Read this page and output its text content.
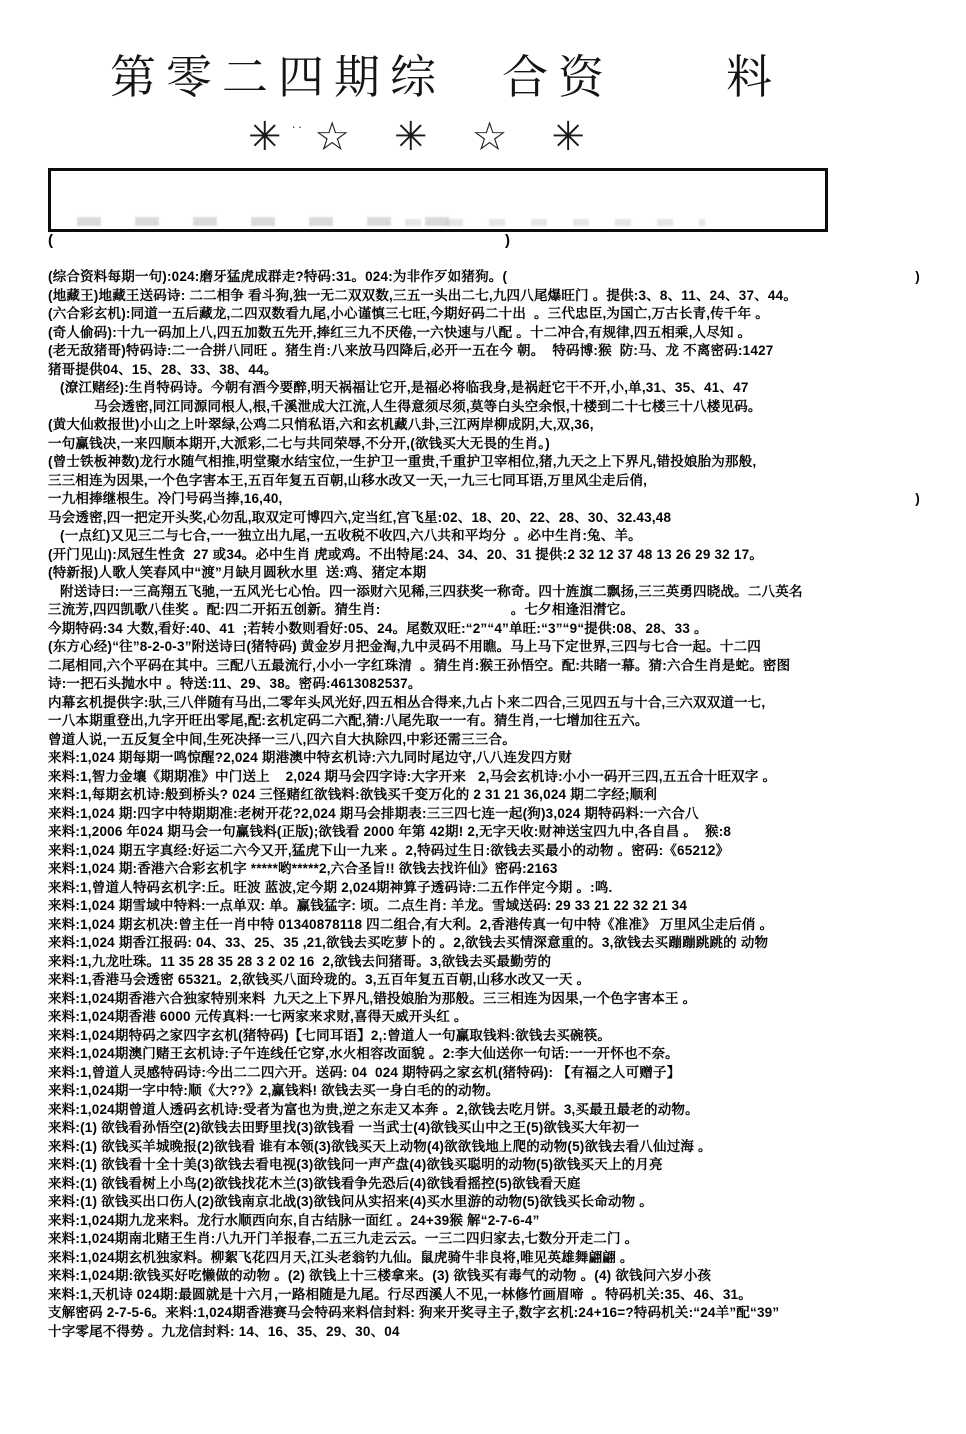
第零二四期综　合资　　料
✳ ·· ☆ ✳ ☆ ✳
(	)
(综合资料每期一句):024:磨牙猛虎成群走?特码:31。024:为非作歹如猪狗。(	)
(地藏王)地藏王送码诗: 二二相争 看斗狗,独一无二双双数,三五一头出二七,九四八尾爆旺门 。提供:3、8、11、24、37、44。
(六合彩玄机):同道一五后藏龙,二四双数看九尾,小心谨慎三七旺,今期好码二十出  。三代忠臣,为国亡,万古长青,传千年 。
(奇人偷码):十九一码加上八,四五加数五先开,捧红三九不厌倦,一六快速与八配 。十二冲合,有规律,四五相乘,人尽知 。
(老无敌猪哥)特码诗:二一合拼八同旺 。猪生肖:八来放马四降后,必开一五在今 朝。  特码博:猴  防:马、龙 不离密码:1427
猪哥提供04、15、28、33、38、44。
(潦江赌经):生肖特码诗。今朝有酒今要醉,明天祸福让它开,是福必将临我身,是祸赶它干不开,小,单,31、35、41、47
马会透密,同江同源同根人,根,千溪泄成大江流,人生得意须尽须,莫等白头空余恨,十楼到二十七楼三十八楼见码。
(黄大仙救报世)小山之上叶翠绿,公鸡二只悄私语,六和玄机藏八卦,三江两岸柳成阴,大,双,36,
一句赢钱决,一来四顺本期开,大派彩,二七与共同荣辱,不分开,(欲钱买大无畏的生肖。)
(曾士铁板神数)龙行水随气相推,明堂聚水结宝位,一生护卫一重贵,千重护卫宰相位,猪,九天之上下界凡,错投娘胎为那般,
三三相连为因果,一个色字害本王,五百年复五百朝,山移水改又一天,一九三七同耳语,万里风尘走后俏,
一九相捧继根生。冷门号码当捧,16,40,	)
马会透密,四一把定开头奖,心勿乱,取双定可博四六,定当红,宫飞星:02、18、20、22、28、30、32.43,48
(一点红)又见三二与七合,一一独立出九尾,一五收税不收四,六八共和平均分  。必中生肖:兔、羊。
(开门见山):凤冠生性贪  27 或34。必中生肖 虎或鸡。不出特尾:24、34、20、31 提供:2 32 12 37 48 13 26 29 32 17。
(特新报)人歌人笑春风中“渡”月缺月圆秋水里  送:鸡、猪定本期
附送诗曰:一三高翔五飞驰,一五风光七心怡。四一添财六见稀,三四获奖一称奇。四十旌旗二飘扬,三三英勇四晓战。二八英名
三流芳,四四凯歌八佳奖 。配:四二开拓五创新。猜生肖:                                 。七夕相逢泪潸它。
今期特码:34 大数,看好:40、41  ;若转小数则看好:05、24。尾数双旺:“2”“4”单旺:“3”“9“提供:08、28、33 。
(东方心经)“往”8-2-0-3”附送诗曰(猪特码) 黄金岁月把金淘,九中灵码不用瞧。马上马下定世界,三四与七合一起。十二四
二尾相同,六个平码在其中。三配八五最流行,小小一字红珠清  。猜生肖:猴王孙悟空。配:共睹一幕。猜:六合生肖是蛇。密图
诗:一把石头抛水中 。特送:11、29、38。密码:4613082537。
内幕玄机提供字:驮,三八伴随有马出,二零年头风光好,四五相丛合得来,九占卜来二四合,三见四五与十合,三六双双道一七,
一八本期重登出,九字开旺出零尾,配:玄机定码二六配,猜:八尾先取一一有。猜生肖,一七增加往五六。
曾道人说,一五反复全中间,生死决择一三八,四六自大执除四,中彩还需三三合。
来料:1,024 期每期一鸣惊醒?2,024 期港澳中特玄机诗:六九同时尾边守,八八连发四方财
来料:1,智力金壤《期期准》中门送上    2,024 期马会四字诗:大字开来   2,马会玄机诗:小小一码开三四,五五合十旺双字 。
来料:1,每期玄机诗:般到桥头? 024 三怪赌红欲钱料:欲钱买千变万化的 2 31 21 36,024 期二字经;顺利
来料:1,024 期:四字中特期期准:老树开花?2,024 期马会排期表:三三四七连一起(狗)3,024 期特码料:一六合八
来料:1,2006 年024 期马会一句赢钱料(正版);欲钱看 2000 年第 42期! 2,无字天收:财神送宝四九中,各自昌 。  猴:8
来料:1,024 期五字真经:好运二六今又开,猛虎下山一九来 。2,特码过生日:欲钱去买最小的动物 。密码:《65212》
来料:1,024 期:香港六合彩玄机字 *****哟*****2,六合圣旨!! 欲钱去找许仙》密码:2163
来料:1,曾道人特码玄机字:丘。旺波 蓝波,定今期 2,024期神算子透码诗:二五作伴定今期 。:鸣.
来料:1,024 期雪域中特料:一点单双: 单。赢钱猛字: 顷。二点生肖: 羊龙。雪域送码: 29 33 21 22 32 21 34
来料:1,024 期玄机决:曾主任一肖中特 01340878118 四二组合,有大利。2,香港传真一句中特《准准》 万里风尘走后俏 。
来料:1,024 期香江报码: 04、33、25、35 ,21,欲钱去买吃萝卜的 。2,欲钱去买情深意重的。3,欲钱去买蹦蹦跳跳的 动物
来料:1,九龙吐珠。11 35 28 35 28 3 2 02 16  2,欲钱去问猪哥。3,欲钱去买最勤劳的
来料:1,香港马会透密 65321。2,欲钱买八面玲珑的。3,五百年复五百朝,山移水改又一天 。
来料:1,024期香港六合独家特别来料  九天之上下界凡,错投娘胎为那般。三三相连为因果,一个色字害本王 。
来料:1,024期香港 6000 元传真料:一七两家来求财,喜得天威开头红 。
来料:1,024期特码之家四字玄机(猪特码)【七同耳语】2,:曾道人一句赢取钱料:欲钱去买碗筷。
来料:1,024期澳门赌王玄机诗:子午连线任它穿,水火相容改面貌 。2:李大仙送你一句话:一一开怀也不奈。
来料:1,曾道人灵感特码诗:今出二二四六开。送码: 04  024 期特码之家玄机(猪特码): 【有福之人可赠子】
来料:1,024期一字中特:顺《大??》2,赢钱料! 欲钱去买一身白毛的的动物。
来料:1,024期曾道人透码玄机诗:受者为富也为贵,逆之东走又本奔 。2,欲钱去吃月饼。3,买最丑最老的动物。
来料:(1) 欲钱看孙悟空(2)欲钱去田野里找(3)欲钱看 一当武士(4)欲钱买山中之王(5)欲钱买大年初一
来料:(1) 欲钱买羊城晚报(2)欲钱看 谁有本领(3)欲钱买天上动物(4)欲欲钱地上爬的动物(5)欲钱去看八仙过海 。
来料:(1) 欲钱看十全十美(3)欲钱去看电视(3)欲钱问一声产盘(4)欲钱买聪明的动物(5)欲钱买天上的月亮
来料:(1) 欲钱看树上小鸟(2)欲钱找花木兰(3)欲钱看争先恐后(4)欲钱看摇控(5)欲钱看天庭
来料:(1) 欲钱买出口伤人(2)欲钱南京北战(3)欲钱问从实招来(4)买水里游的动物(5)欲钱买长命动物 。
来料:1,024期九龙来料。龙行水顺西向东,自古结脉一面红 。24+39猴 解“2-7-6-4”
来料:1,024期南北赌王生肖:八九开门羊报春,二五三九走云云。一三二四归家去,七数分开走二门 。
来料:1,024期玄机独家料。柳絮飞花四月天,江头老翁钓九仙。鼠虎骑牛非良将,唯见英雄舞翩翩 。
来料:1,024期:欲钱买好吃懒做的动物 。(2) 欲钱上十三楼拿来。(3) 欲钱买有毒气的动物 。(4) 欲钱问六岁小孩
来料:1,天机诗 024期:最圆就是十六月,一路相随是九尾。行尽西溪人不见,一林修竹画眉啼  。特码机关:35、46、31。
支解密码 2-7-5-6。来料:1,024期香港赛马会特码来料信封料: 狗来开奖寻主子,数字玄机:24+16=?特码机关:“24羊”配“39”
十字零尾不得势 。九龙信封料: 14、16、35、29、30、04
